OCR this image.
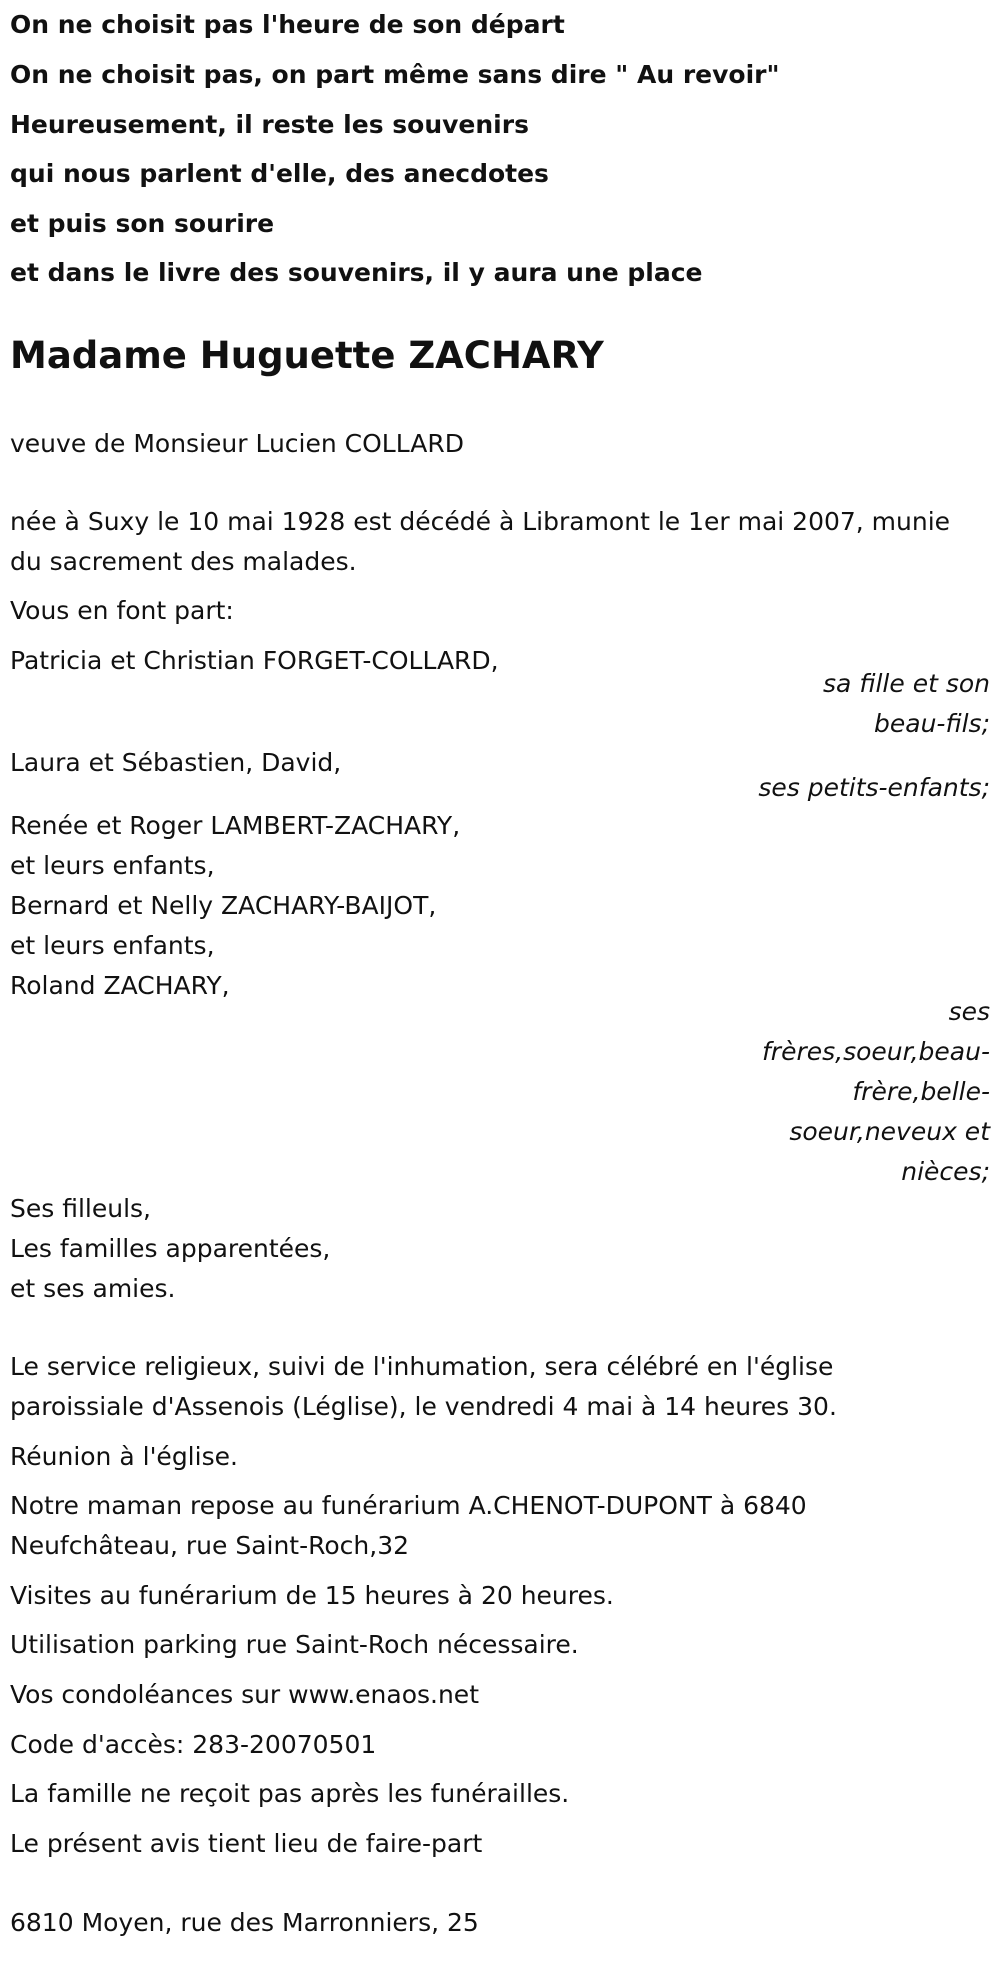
On ne choisit pas l'heure de son départ
On ne choisit pas, on part même sans dire " Au revoir"
Heureusement, il reste les souvenirs
qui nous parlent d'elle, des anecdotes
et puis son sourire
et dans le livre des souvenirs, il y aura une place
Madame Huguette ZACHARY
veuve de Monsieur Lucien COLLARD
née à Suxy le 10 mai 1928 est décédé à Libramont le 1er mai 2007, munie
du sacrement des malades.
Vous en font part:
Patricia et Christian FORGET-COLLARD,
sa fille et son
beau-fils;
Laura et Sébastien, David,
ses petits-enfants;
Renée et Roger LAMBERT-ZACHARY,
et leurs enfants,
Bernard et Nelly ZACHARY-BAIJOT,
et leurs enfants,
Roland ZACHARY,
ses
frères,soeur,beau-
frère,belle-
soeur,neveux et
nièces;
Ses filleuls,
Les familles apparentées,
et ses amies.
Le service religieux, suivi de l'inhumation, sera célébré en l'église
paroissiale d'Assenois (Léglise), le vendredi 4 mai à 14 heures 30.
Réunion à l'église.
Notre maman repose au funérarium A.CHENOT-DUPONT à 6840
Neufchâteau, rue Saint-Roch,32
Visites au funérarium de 15 heures à 20 heures.
Utilisation parking rue Saint-Roch nécessaire.
Vos condoléances sur www.enaos.net
Code d'accès: 283-20070501
La famille ne reçoit pas après les funérailles.
Le présent avis tient lieu de faire-part
6810 Moyen, rue des Marronniers, 25
